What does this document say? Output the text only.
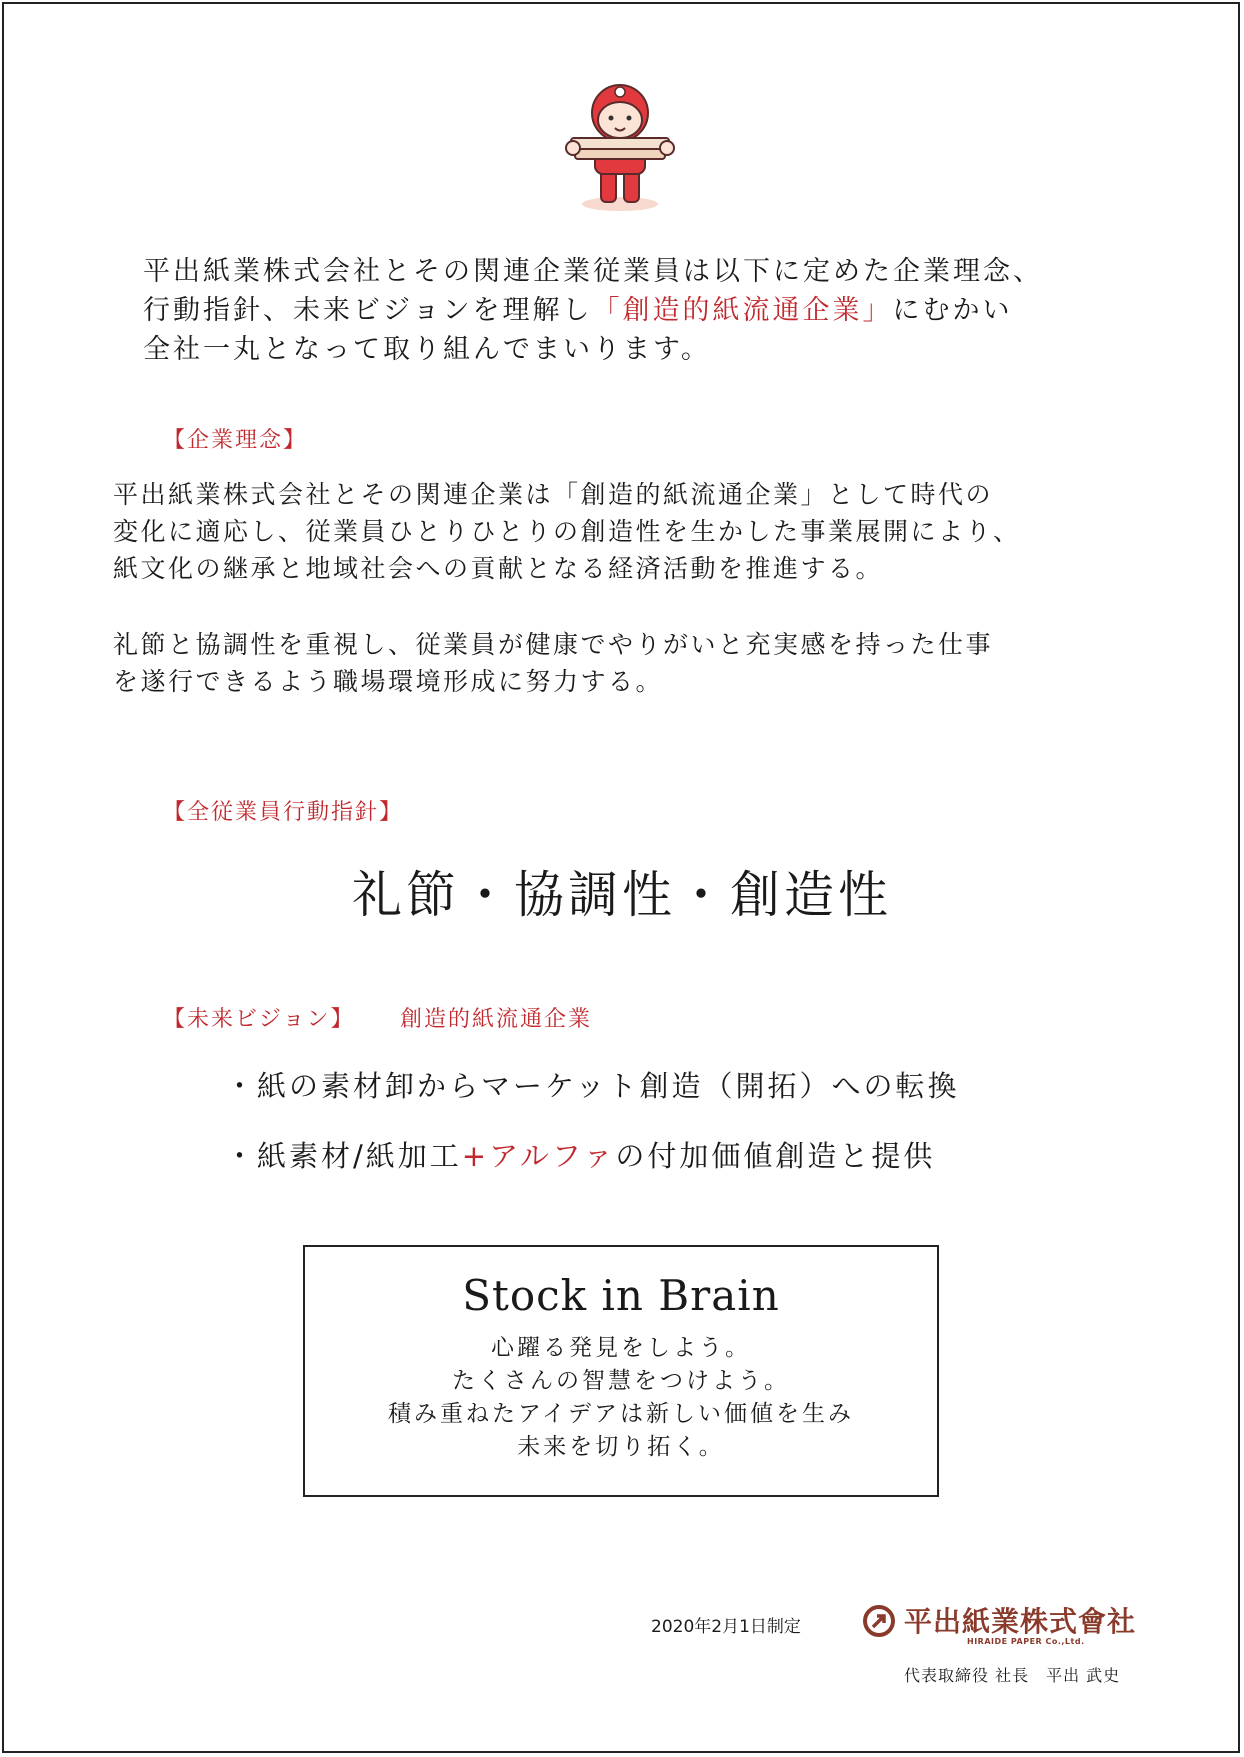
平出紙業株式会社とその関連企業従業員は以下に定めた企業理念、

行動指針、未来ビジョンを理解し「創造的紙流通企業」にむかい

全社一丸となって取り組んでまいります。

【企業理念】
平出紙業株式会社とその関連企業は「創造的紙流通企業」として時代の
変化に適応し、従業員ひとりひとりの創造性を生かした事業展開により、
紙文化の継承と地域社会への貢献となる経済活動を推進する。
礼節と協調性を重視し、従業員が健康でやりがいと充実感を持った仕事
を遂行できるよう職場環境形成に努力する。
【全従業員行動指針】
礼節・協調性・創造性
【未来ビジョン】 創造的紙流通企業
・紙の素材卸からマーケット創造（開拓）への転換
・紙素材/紙加工+アルファの付加価値創造と提供
Stock in Brain
心躍る発見をしよう。
たくさんの智慧をつけよう。
積み重ねたアイデアは新しい価値を生み
未来を切り拓く。
2020年2月1日制定	平出紙業株式會社
HIRAIDE PAPER Co.,Ltd.
代表取締役 社長　平出 武史
